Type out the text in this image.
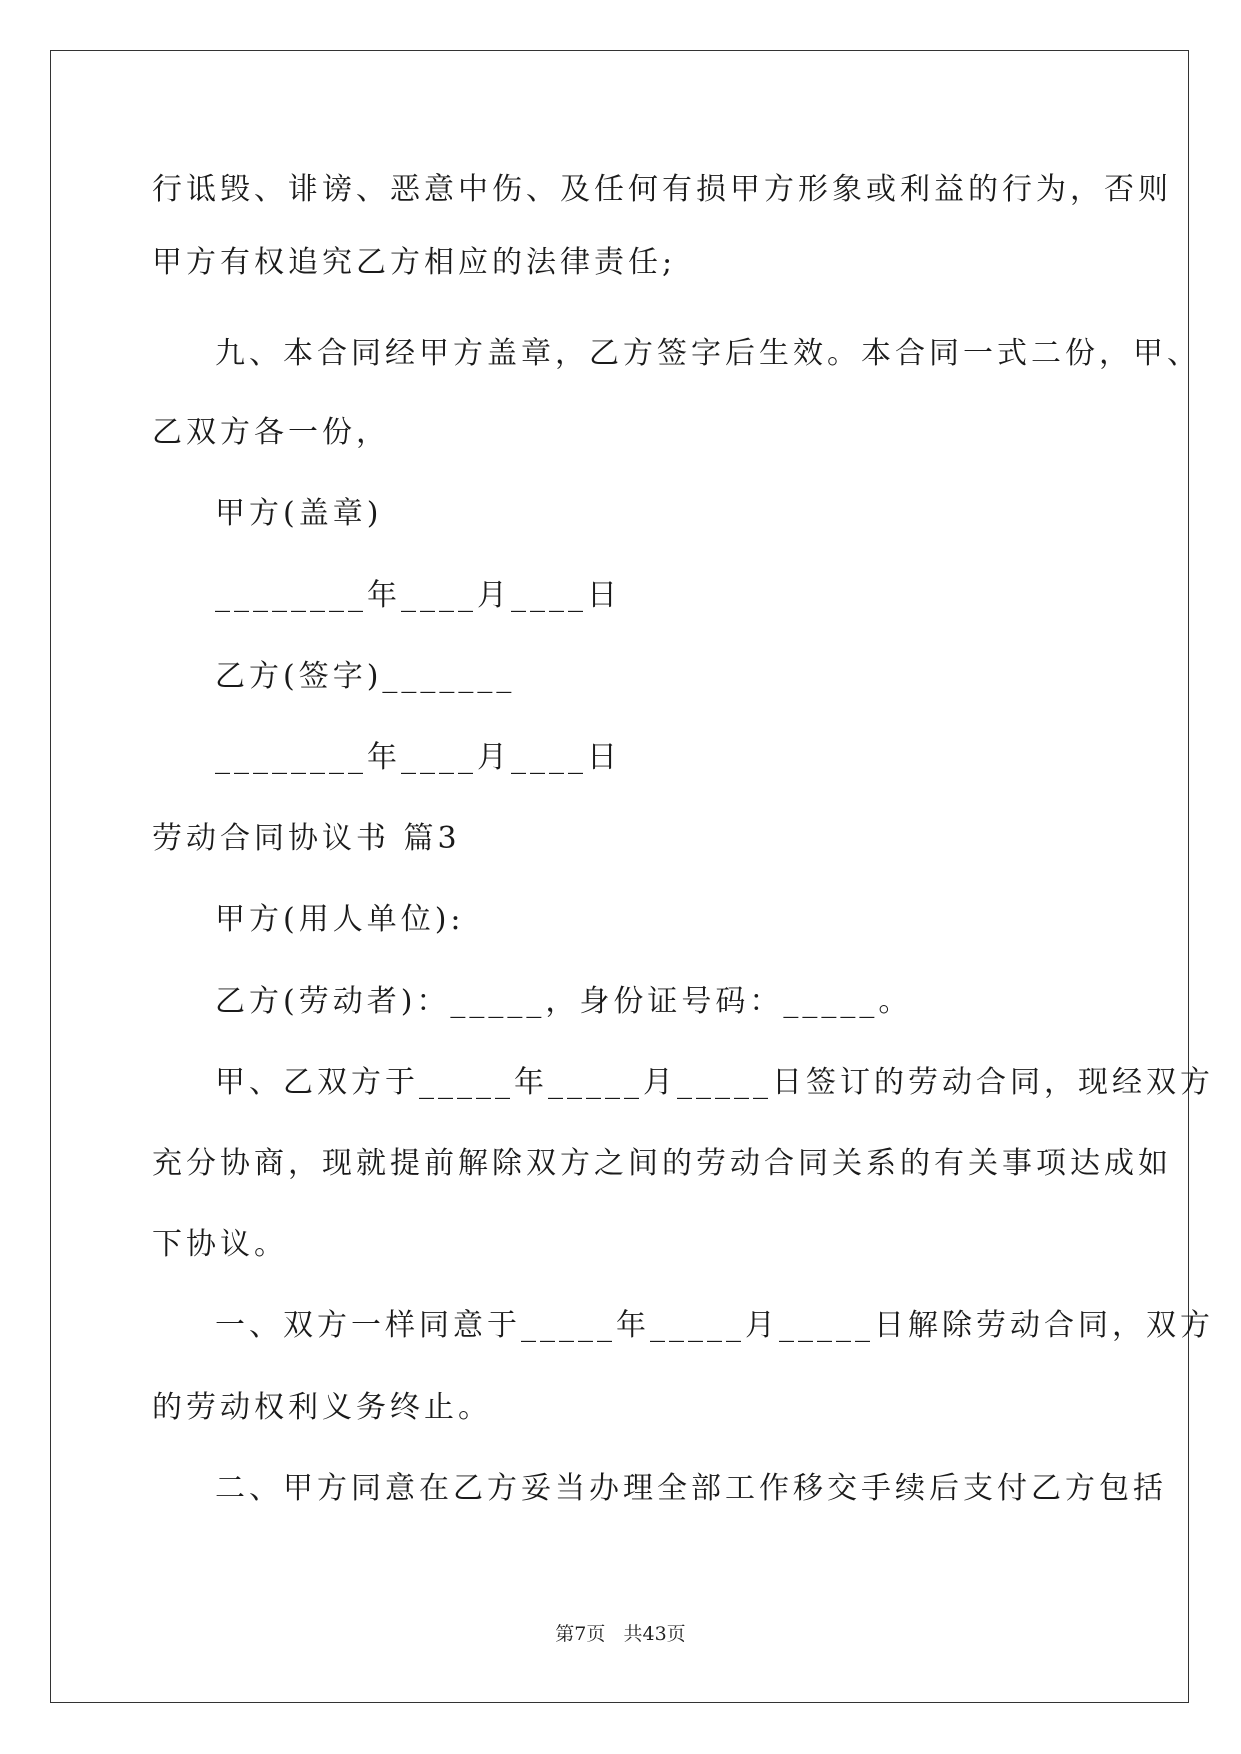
行诋毁、诽谤、恶意中伤、及任何有损甲方形象或利益的行为，否则
甲方有权追究乙方相应的法律责任;
九、本合同经甲方盖章，乙方签字后生效。本合同一式二份，甲、
乙双方各一份，
甲方(盖章)
________年____月____日
乙方(签字)_______
________年____月____日
劳动合同协议书 篇3
甲方(用人单位):
乙方(劳动者)：_____，身份证号码：_____。
甲、乙双方于_____年_____月_____日签订的劳动合同，现经双方
充分协商，现就提前解除双方之间的劳动合同关系的有关事项达成如
下协议。
一、双方一样同意于_____年_____月_____日解除劳动合同，双方
的劳动权利义务终止。
二、甲方同意在乙方妥当办理全部工作移交手续后支付乙方包括
第7页   共43页
